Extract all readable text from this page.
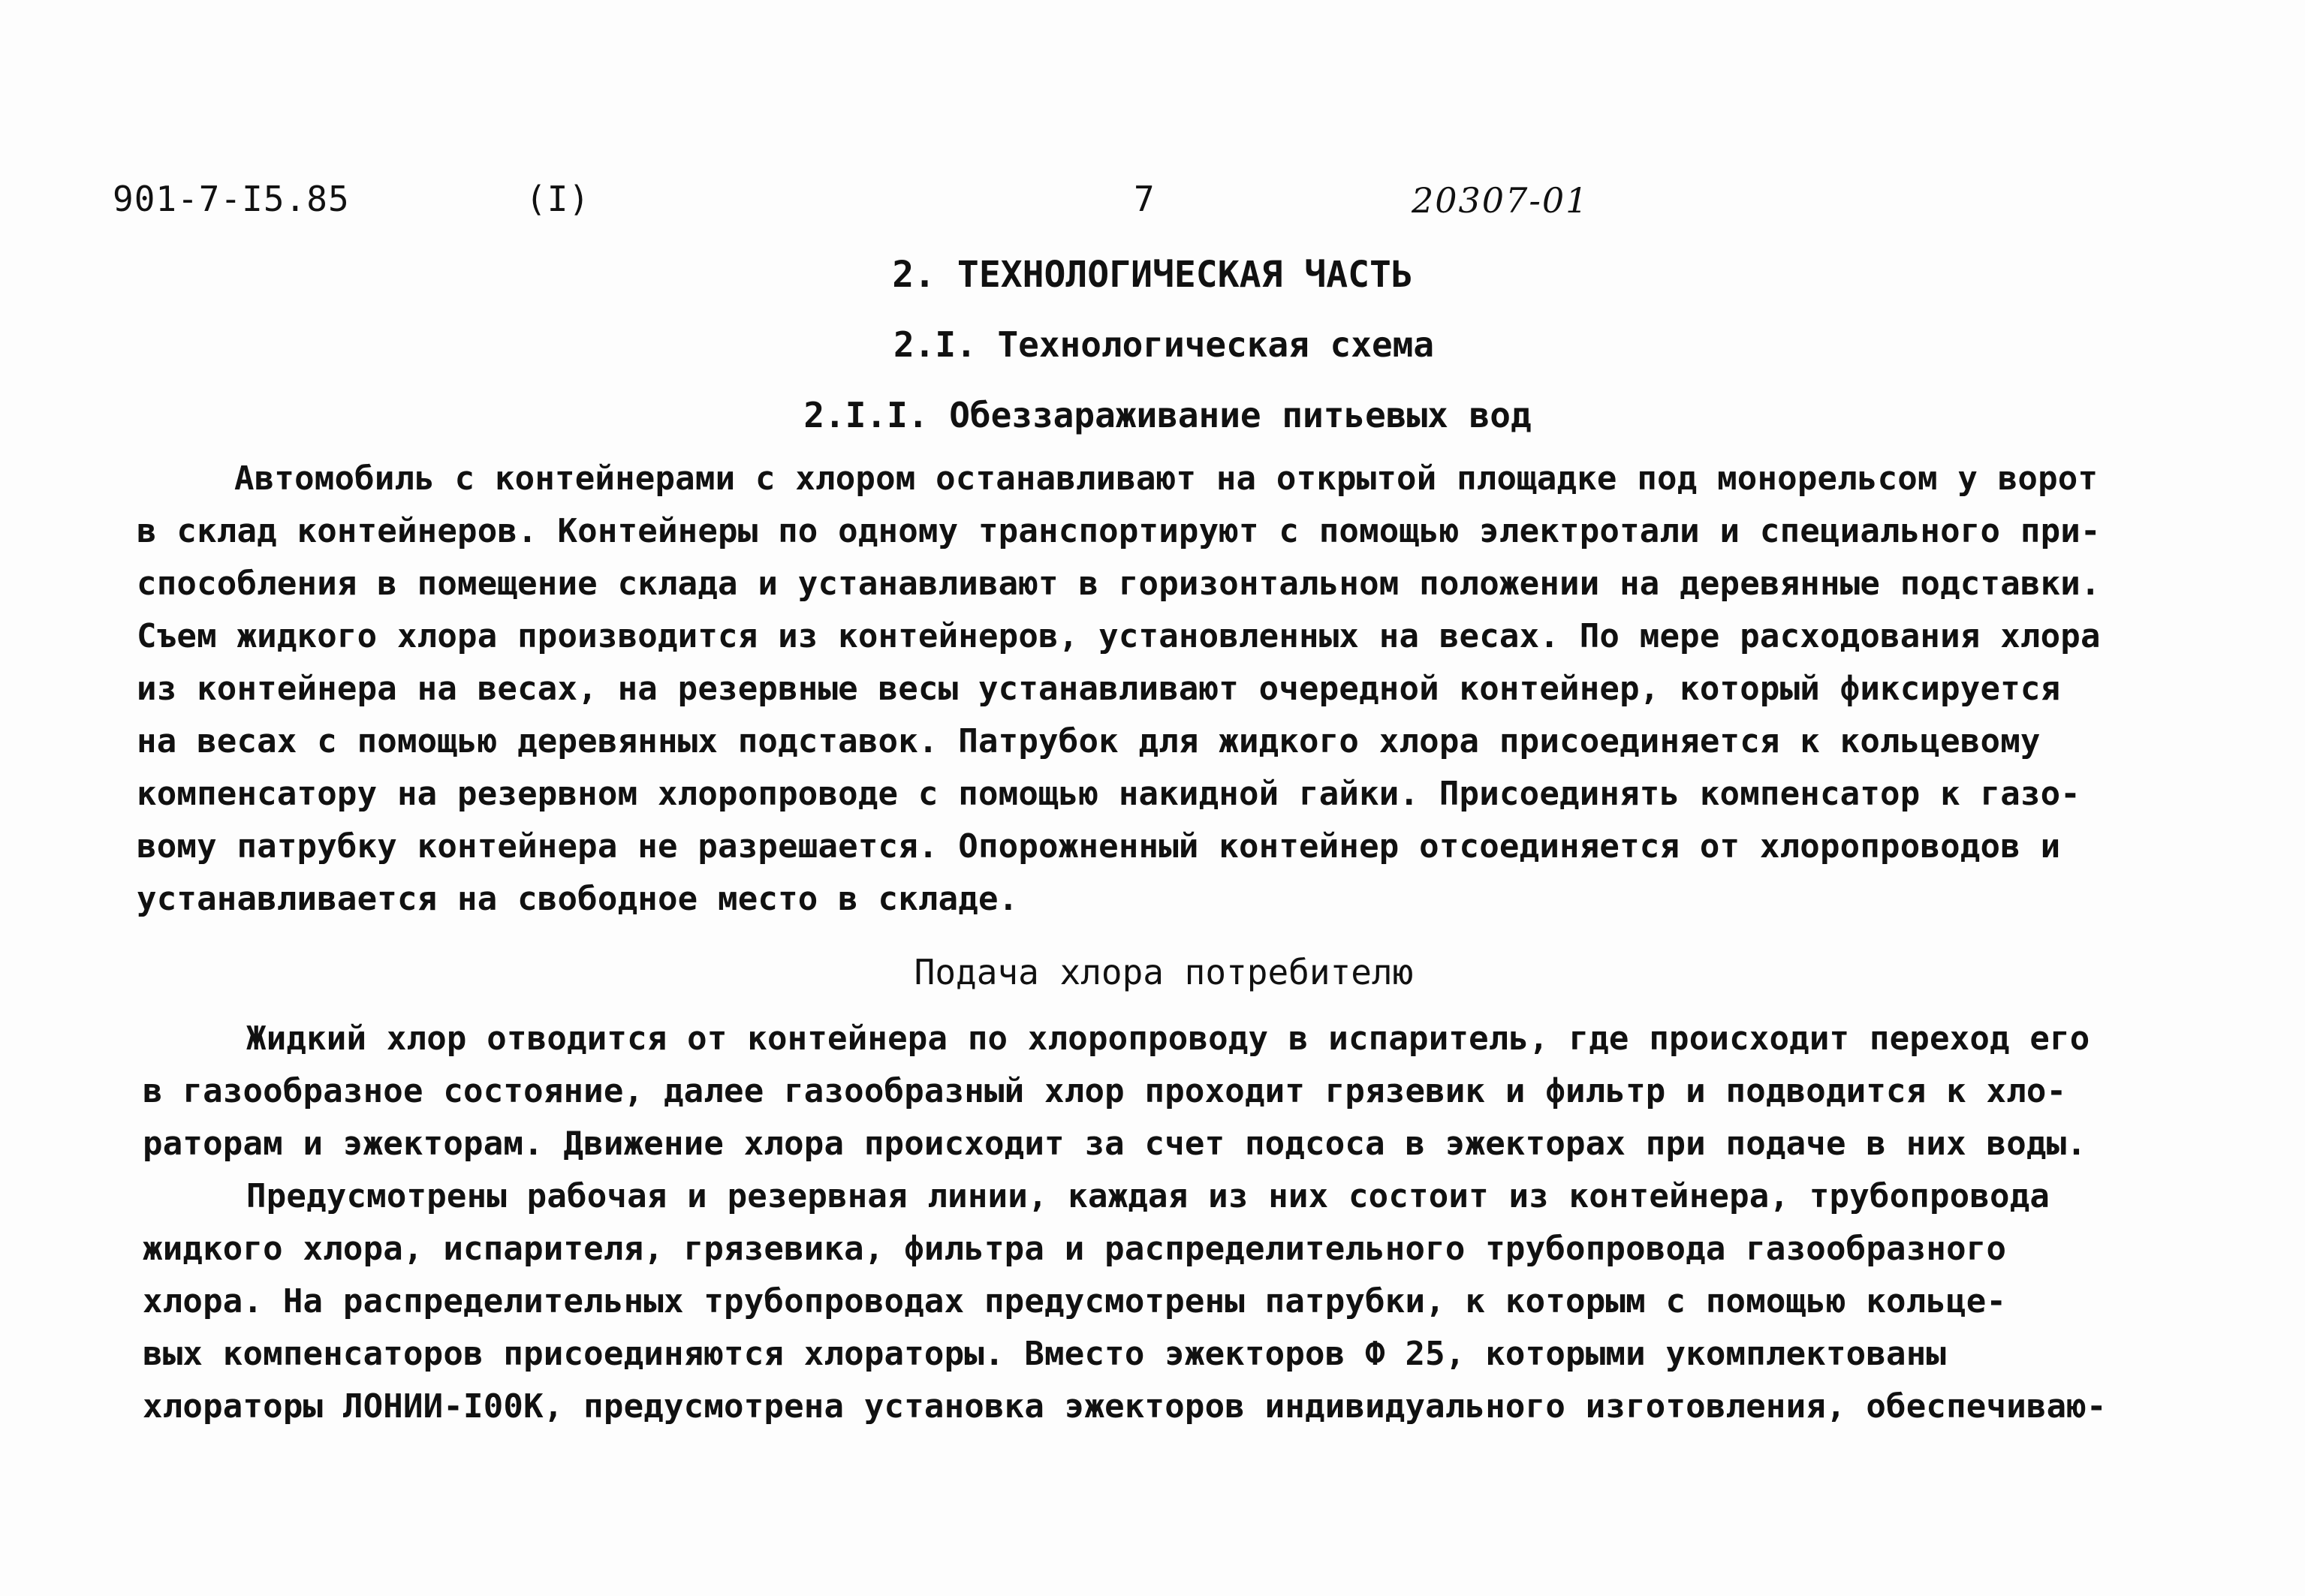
901-7-I5.85	(I)	7	20307-01
2. ТЕХНОЛОГИЧЕСКАЯ ЧАСТЬ
2.I. Технологическая схема
2.I.I. Обеззараживание питьевых вод
Автомобиль с контейнерами с хлором останавливают на открытой площадке под монорельсом у ворот
в склад контейнеров. Контейнеры по одному транспортируют с помощью электротали и специального при-
способления в помещение склада и устанавливают в горизонтальном положении на деревянные подставки.
Съем жидкого хлора производится из контейнеров, установленных на весах. По мере расходования хлора
из контейнера на весах, на резервные весы устанавливают очередной контейнер, который фиксируется
на весах с помощью деревянных подставок. Патрубок для жидкого хлора присоединяется к кольцевому
компенсатору на резервном хлоропроводе с помощью накидной гайки. Присоединять компенсатор к газо-
вому патрубку контейнера не разрешается. Опорожненный контейнер отсоединяется от хлоропроводов и
устанавливается на свободное место в складе.
Подача хлора потребителю
Жидкий хлор отводится от контейнера по хлоропроводу в испаритель, где происходит переход его
в газообразное состояние, далее газообразный хлор проходит грязевик и фильтр и подводится к хло-
раторам и эжекторам. Движение хлора происходит за счет подсоса в эжекторах при подаче в них воды.
Предусмотрены рабочая и резервная линии, каждая из них состоит из контейнера, трубопровода
жидкого хлора, испарителя, грязевика, фильтра и распределительного трубопровода газообразного
хлора. На распределительных трубопроводах предусмотрены патрубки, к которым с помощью кольце-
вых компенсаторов присоединяются хлораторы. Вместо эжекторов Ф 25, которыми укомплектованы
хлораторы ЛОНИИ-I00К, предусмотрена установка эжекторов индивидуального изготовления, обеспечиваю-
